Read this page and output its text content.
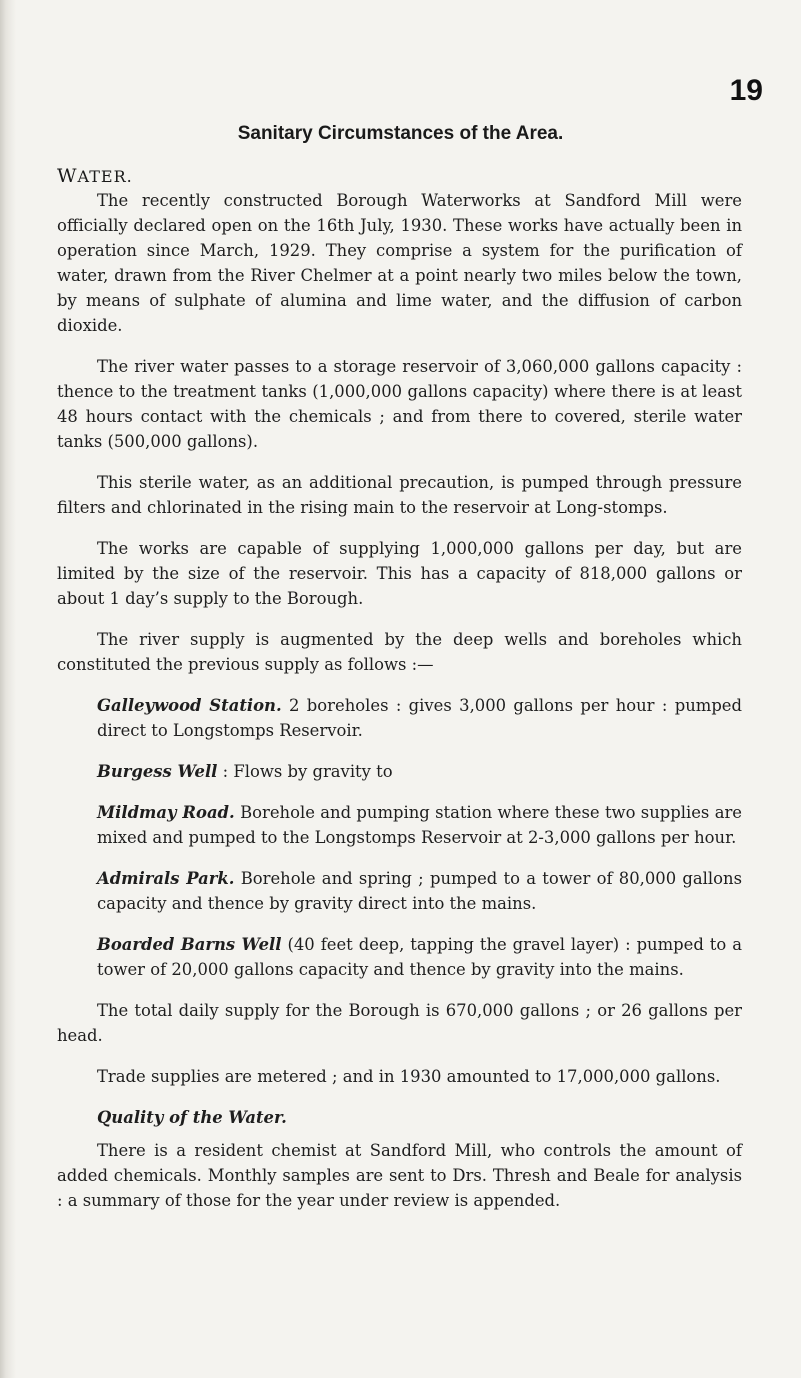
19
Sanitary Circumstances of the Area.
WATER.

The recently constructed Borough Waterworks at Sandford Mill were officially declared open on the 16th July, 1930. These works have actually been in operation since March, 1929. They comprise a system for the purification of water, drawn from the River Chelmer at a point nearly two miles below the town, by means of sulphate of alumina and lime water, and the diffusion of carbon dioxide.

The river water passes to a storage reservoir of 3,060,000 gallons capacity : thence to the treatment tanks (1,000,000 gallons capacity) where there is at least 48 hours contact with the chemicals ; and from there to covered, sterile water tanks (500,000 gallons).

This sterile water, as an additional precaution, is pumped through pressure filters and chlorinated in the rising main to the reservoir at Long-stomps.

The works are capable of supplying 1,000,000 gallons per day, but are limited by the size of the reservoir. This has a capacity of 818,000 gallons or about 1 day’s supply to the Borough.

The river supply is augmented by the deep wells and boreholes which constituted the previous supply as follows :—

Galleywood Station. 2 boreholes : gives 3,000 gallons per hour : pumped direct to Longstomps Reservoir.

Burgess Well : Flows by gravity to

Mildmay Road. Borehole and pumping station where these two supplies are mixed and pumped to the Longstomps Reservoir at 2-3,000 gallons per hour.

Admirals Park. Borehole and spring ; pumped to a tower of 80,000 gallons capacity and thence by gravity direct into the mains.

Boarded Barns Well (40 feet deep, tapping the gravel layer) : pumped to a tower of 20,000 gallons capacity and thence by gravity into the mains.

The total daily supply for the Borough is 670,000 gallons ; or 26 gallons per head.

Trade supplies are metered ; and in 1930 amounted to 17,000,000 gallons.

Quality of the Water.

There is a resident chemist at Sandford Mill, who controls the amount of added chemicals. Monthly samples are sent to Drs. Thresh and Beale for analysis : a summary of those for the year under review is appended.
